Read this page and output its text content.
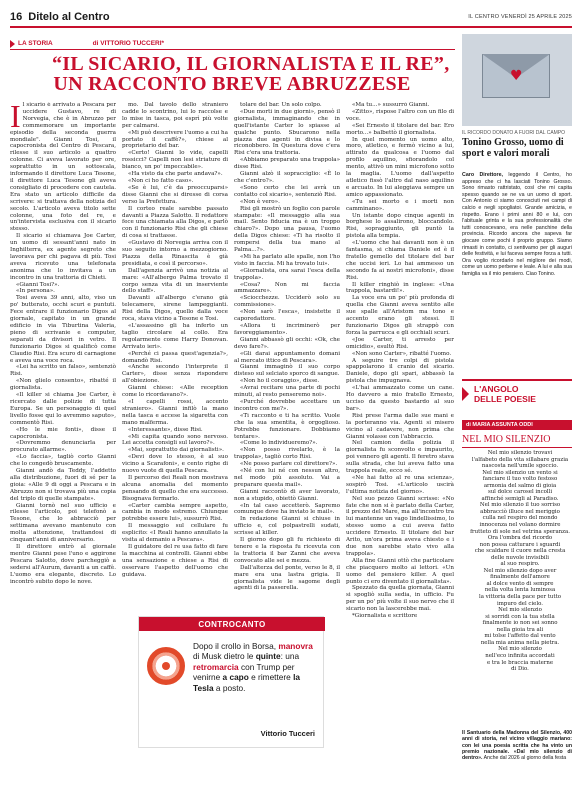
16 Ditelo al Centro	IL CENTRO VENERDÌ 25 APRILE 2025
LA STORIA	di VITTORIO TUCCERI*
“IL SICARIO, IL GIORNALISTA E IL RE”,
UN RACCONTO BREVE ABRUZZESE
I l sicario è arrivato a Pescara per uccidere Gustavo, re di Norvegia, che è in Abruzzo per commemorare un importante episodio della seconda guerra mondiale". Gianni Tosi, il capocronista del Centro di Pescara, rilesse il suo articolo a quattro colonne. Ci aveva lavorato per ore, soprattutto in un sottoscala, informando il direttore Luca Tesone, il direttore Luca Tesone gli aveva consigliato di procedere con cautela. Era stato un articolo difficile da scrivere: si trattava della notizia del secolo. L'articolo aveva titolo sette colonne, una foto del re, e un'intervista esclusiva con il sicario stesso.

Il sicario si chiamava Joe Carter, un uomo di sessant'anni nato in Inghilterra, ex agente segreto che lavorava per chi pagava di più. Tosi aveva ricevuto una telefonata anonima che lo invitava a un incontro in una trattoria di Chieti.

«Gianni Tosi?».

«In persona».

Tosi aveva 39 anni, alto, viso un po' butterato, occhi scuri e puntuti. Fece entrare il funzionario Digos al giornale, capitato in un grande edificio in via Tiburtina Valeria, pieno di scrivanie e computer, separati da divisori in vetro. Il funzionario Digos si qualificò come Claudio Risi. Era scuro di carnagione e aveva una voce roca.

«Lei ha scritto un falso», sentenziò Risi.

«Non glielo consento», ribatté il giornalista.

«Il killer si chiama Joe Carter, è ricercato dalle polizie di tutta Europa. Se un personaggio di quel livello fosse qui lo avremmo saputo», commentò Risi.

«Ho le mie fonti», disse il capocronista.

«Dovremmo denunciarla per procurato allarme».

«Lo faccia», tagliò corto Gianni che lo congedò bruscamente.

Gianni andò da Teddy, l'addetto alla distribuzione, fuori di sé per la gioia: «Alle 9 di oggi a Pescara e in Abruzzo non si trovava più una copia del triplo di quelle stampate».

Gianni tornò nel suo ufficio e rilesse l'articolo, poi telefonò a Tesone, che lo abbracciò per settimana avevano mantenuto con molta attenzione, trattandosi di cinquant'anni di anniversario.

Il direttore entrò al giornale mentre Gianni pese l'uno e aggirone Pescara Salotto, dove parcheggiò a sedersi all'Aurum, davanti a un caffè. L'uomo era elegante, discreto. Lo incontrò subito dopo le nove.

mo. Dal tavolo dello straniero cadde lo scontrino, lui lo raccolse e lo mise in tasca, poi esprì più volte per calmarsi.

«Mi può descrivere l'uomo a cui ha portato il caffè?», chiese al proprietario del bar.

«Certo! Gianni lo vide, capelli rossicci? Capelli non lesi striature di bianco, un po' impeccabile».

«Ha visto da che parte andava?».

«Non ci ho fatto caso».

«Se è lui, c'è da preoccuparsi» disse Gianni che si diresse di corsa verso la Prefettura.

Il corteo reale sarebbe passato davanti a Piazza Salotto. Il redattore fece una chiamata alla Digos, e parlò con il funzionario Risi che gli chiese di cosa si trattasse.

«Gustavo di Norvegia arriva con il suo seguito intorno a mezzogiorno. Piazza della Rinascita è già presidiata, e così il percorso».

Dall'agenzia arrivò una notizia al mare: «All'albergo Palma trovato il corpo senza vita di un inserviente dello staff».

Davanti all'albergo c'erano già telecamere, sirene lampeggianti. Risi della Digos, quello dalla voce roca, stava vicino a Tesone e Tosi.

«L'assassino gli ha inferto un taglio circolare al collo. Era regolarmente come Harry Donovan. Arrivato ieri».

«Perché ci passa quest'agenzia?», domandò Risi.

«Anche secondo l'interprete il Carter», disse senza rispondere all'obiezione.

Gianni chiese: «Alle reception come lo ricordavano?».

«I capelli rossi, accento straniero». Gianni infilò la mano nella tasca e accese la sigaretta con mano malferma.

«Interessante», disse Risi.

«Mi capita quando sono nervoso. Lei accetta consigli sul lavoro?».

«Mai, soprattutto dai giornalisti».

«Devi dove lo stesso, è al suo vicino a Scarafoni», e cento righe di nuovo vuote di quella Pescara.

Il percorso dei Reali non mostrava alcuna anomalia del momento pensando di quello che era successo. Bisognava fermarlo.

«Carter cambia sempre aspetto, cambia in modo estremo. Chiunque potrebbe essere lui», sussurrò Risi.

Il messaggio sul cellulare fu esplicito: «I Reali hanno annullato la visita al demanio a Pescara».

Il guidatore del re usa fatto di fare la macchina ai controlli. Gianni ebbe una sensazione e chiese a Risi di osservare l'aspetto dell'uomo che guidava.

tolare del bar. Un solo colpo.

«Due morti in due giorni», pensò il giornalista, immaginando che in quell'istante Carter lo spiasse al qualche punto. Sbucarono nella piazza due agenti in divisa e lo riconobbero. In Questura dove c'era Risi c'era una trattoria.

«Abbiamo preparato una trappola» disse Risi.

Gianni alzò il sopracciglio: «È lo che c'entro?».

«Sono certo che lei avrà un contatto col sicario», sentenziò Risi.

«Non è vero».

Risi gli mostrò un foglio con parole stampate: «Il messaggio alla sua mail. Sento fiducia ma è un troppo chiaro?». Dopo una pausa, l'uomo della Digos chiese: «Ti ha risolto il rompersi della tua mano al Palma...?».

«Mi ha parlato alle spalle, non l'ho visto in faccia. Mi ha trovato lui».

«Giornalista, ora sarai l'esca della trappola».

«Cosa? Non mi faccia ammazzare».

«Sciocchezze. Ucciderò solo su commissione».

«Non sarò l'esca», insistette il caporedattore.

«Allora ti incriminerò per favoreggiamento».

Gianni abbassò gli occhi: «Ok, che devo fare?».

«Gli darai appuntamento domani al mercato ittico di Pescara».

Gianni immaginò il suo corpo disteso sul selciato sporco di sangue.

«Non ho il coraggio», disse.

«Avrai recitare una parte di pochi minuti, al resto penseremo noi».

«Purché dovrebbe accettare un incontro con me?».

«Ti racconto e ti ha scritto. Vuole che la sua smentita, è orgoglioso. Potrebbe funzionare. Dobbiamo tentare».

«Come lo individueremo?».

«Non posso rivelarlo, è la trappola», tagliò corto Risi.

«Ne posso parlare col direttore?».

«Né con lui né con nessun altro, nel modo più assoluto. Vai a preparare questa mail».

Gianni raccontò di aver lavorato, non a stupido, obiettò Gianni.

«In tal caso accetterò. Sapremo comunque dove ha inviato le mail».

In redazione Gianni si chiuse in ufficio e, col polpastrelli sudati, scrisse al killer.

Il giorno dopo gli fu richiesto di tenere e la risposta fu ricevuta con la trattoria il bar Zanni che aveva convocato alle sei e mezza.

Dall'alterza del ponte, verso le 8, il mare era una lastra grigia. Il giornalista vide le sagome degli agenti di la passerella.

«Ma tu...» sussurrò Gianni.

«Zitto», rispose l'altro con un filo di voce.

«Sei Ernesto il titolare del bar. Ero morto...» balbettò il giornalista.

In quel momento un uomo alto, moro, atletico, e fermò vicino a lui, attirato da qualcosa e l'uomo dal profilo aquilino, sfiorandolo col mento, attivò un mini microfono sotto la maglia. L'uomo dall'aspetto atletico fissò l'altro dal naso aquilino e arcuato. In lui aleggiava sempre un amico appassionato.

«Tu sei morto e i morti non camminano».

Un istante dopo cinque agenti in borghese lo assalirono, bloccandolo. Risi, sopraggiunto, gli puntò la pistola alla tempia.

«L'uomo che hai davanti non è un fantasma, si chiama Daniele ed è il fratello gemello del titolare del bar che uccisi ieri. Lo hai ammesso un secondo fa ai nostri microfoni», disse Risi.

Il killer ringhiò in inglese: «Una trappola, bastardi!».

La voce era un po' più profonda di quella che Gianni aveva sentito alle sue spalle all'Aristom ma tono e accento erano gli stessi. Il funzionario Digos gli strappò con forza la parrucca e gli occhiali scuri.

«Joe Carter, ti arresto per omicidio», esultò Risi.

«Non sono Carter», ribatté l'uomo.

A seguire tre colpi di pistola spappolarono il cranio del sicario. Daniele, dopo gli spari, abbassò la pistola che impugnava.

«L'hai ammazzato come un cane. Ho davvero a mio fratello Ernesto, ucciso da questo bastardo al suo bar».

Risi prese l'arma dalle sue mani e la porteranno via. Agenti si misero vicino al cadavere, non prima che Gianni volasse con l'abbraccio.

Nel camion della polizia il giornalista fu sconvolto e impaurito, poi vennero gli agenti. Il feretro stava sulla strada, che lui aveva fatto una trappola reale, ecco sé.

«Ne hai fatto al re una scienza», sospirò Tosi. «L'articolo uscirà l'ultima notizia del giorno».

Nel suo pezzo Gianni scrisse: «No fate che non si è parlato della Carter, il prezzo del Mare, ma all'incontro tra lui mantenne un vago lindellissimo, lo stesso uomo a cui aveva fatto uccidere Ernesto. Il titolare del bar Arito, un'ora prima aveva chiesto e i due non sarebbe stato vivo alla trappola».

Alla fine Gianni ottò che particolare che piacquero molto ai lettori. «Un uomo del pensiero killer. A quel punto ci ero diventato il giornalista».

Spezzato da quella giornata, Gianni si spogliò sulla sedia, in ufficio. Fu per un po' più volte il suo nervo che il sicario non la lascerebbe mai.

*Giornalista e scrittore

CONTROCANTO
Dopo il crollo in Borsa, manovra di Musk dietro le quinte: una retromarcia con Trump per venirne a capo e rimettere la Tesla a posto.
Vittorio Tucceri
♥
IL RICORDO DONATO A FUORI DAL CAMPO
Tonino Grosso, uomo di sport e valori morali
Caro Direttore, leggendo il Centro, ho appreso che ci ha lasciati Tonino Grosso. Sono rimasto rattristato, così che mi capita spesso quando se ne va un uomo di sport. Con Antonio ci siamo conosciuti nei campi di calcio e negli spogliatoi. Grande amicizia, e rispetto. Erano i primi anni 80 e lui, con l'abituale grinta e la sua professionalità che tutti conoscevano, era nelle panchine della provincia. Ricordo ancora che sapeva far giocare come pochi il proprio gruppo. Siamo rimasti in contatto, ci sentivamo per gli auguri delle festività, e lui faceva sempre forza a tutti. Ora voglio ricordarlo nel migliore dei modi, come un uomo perbene e leale. A lui e alla sua famiglia va il mio pensiero. Ciao Tonino.
L'ANGOLO
DELLE POESIE
di MARIA ASSUNTA ODDI
NEL MIO SILENZIO
Nel mio silenzio trovavi
l'alfabeto della vita sillabare grazia
nascosta nell'umile sgoccio.
Nel mio silenzio un vento si
fanciare il tuo volto festoso
armonia del salmo di gioia
sul dolce carosel incolli
affinché semigli al Paradiso.
Nel mio silenzio il tuo sorriso
abbracciò illuce nel meriggio
culla nel respiro del mondo
innocenza nel volano dormire
frutteto di sole nel vetrina speranza.
Ora l'ombra del ricordo
non possa catturare i sguardi
che scaldare il cuore nella cresta
delle nuvole invisibili
al suo respiro.
Nel mio silenzio dopo aver
finalmente dell'amore
al dolce vento di sempre
nella volta lenta luminosa
la vittoria della pace per tutto
impuro del cielo.
Nel mio silenzio
si sorridi con la tua stella
finalmente io non sei sonno
nella gioia tra ali
mi tolse l'affetto dal vento
nella mia anima nella pietra.
Nel mio silenzio
nell'eco infinita accordati
e tra le braccia materne
di Dio.
Il Santuario della Madonna del Silenzio, 400 anni di storia, nel vicino villaggio mariano: con lei una poesia scritta che ha vinto un premio nazionale. «Dal mio silenzio di dentro». Anche dal 2026 al giorno della festa
